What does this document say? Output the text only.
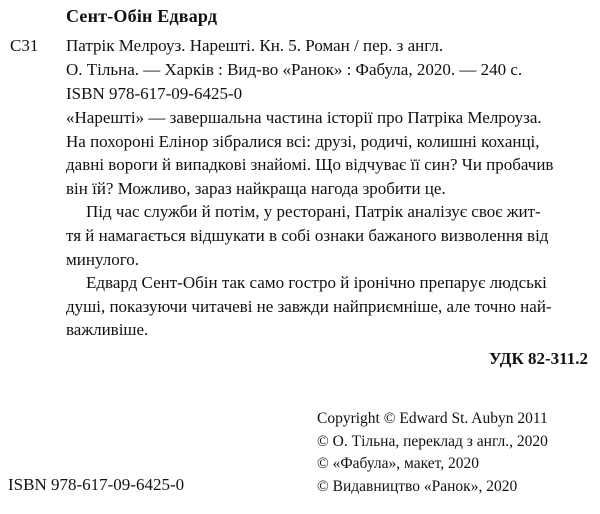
Сент-Обін Едвард
С31 Патрік Мелроуз. Нарешті. Кн. 5. Роман / пер. з англ.
О. Тільна. — Харків : Вид-во «Ранок» : Фабула, 2020. — 240 с.
ISBN 978-617-09-6425-0
«Нарешті» — завершальна частина історії про Патріка Мелроуза.
На похороні Елінор зібралися всі: друзі, родичі, колишні коханці,
давні вороги й випадкові знайомі. Що відчуває її син? Чи пробачив
він їй? Можливо, зараз найкраща нагода зробити це.
Під час служби й потім, у ресторані, Патрік аналізує своє жит-
тя й намагається відшукати в собі ознаки бажаного визволення від
минулого.
Едвард Сент-Обін так само гостро й іронічно препарує людські
душі, показуючи читачеві не завжди найприємніше, але точно най-
важливіше.
УДК 82-311.2
Copyright © Edward St. Aubyn 2011
© О. Тільна, переклад з англ., 2020
© «Фабула», макет, 2020
© Видавництво «Ранок», 2020
ISBN 978-617-09-6425-0
